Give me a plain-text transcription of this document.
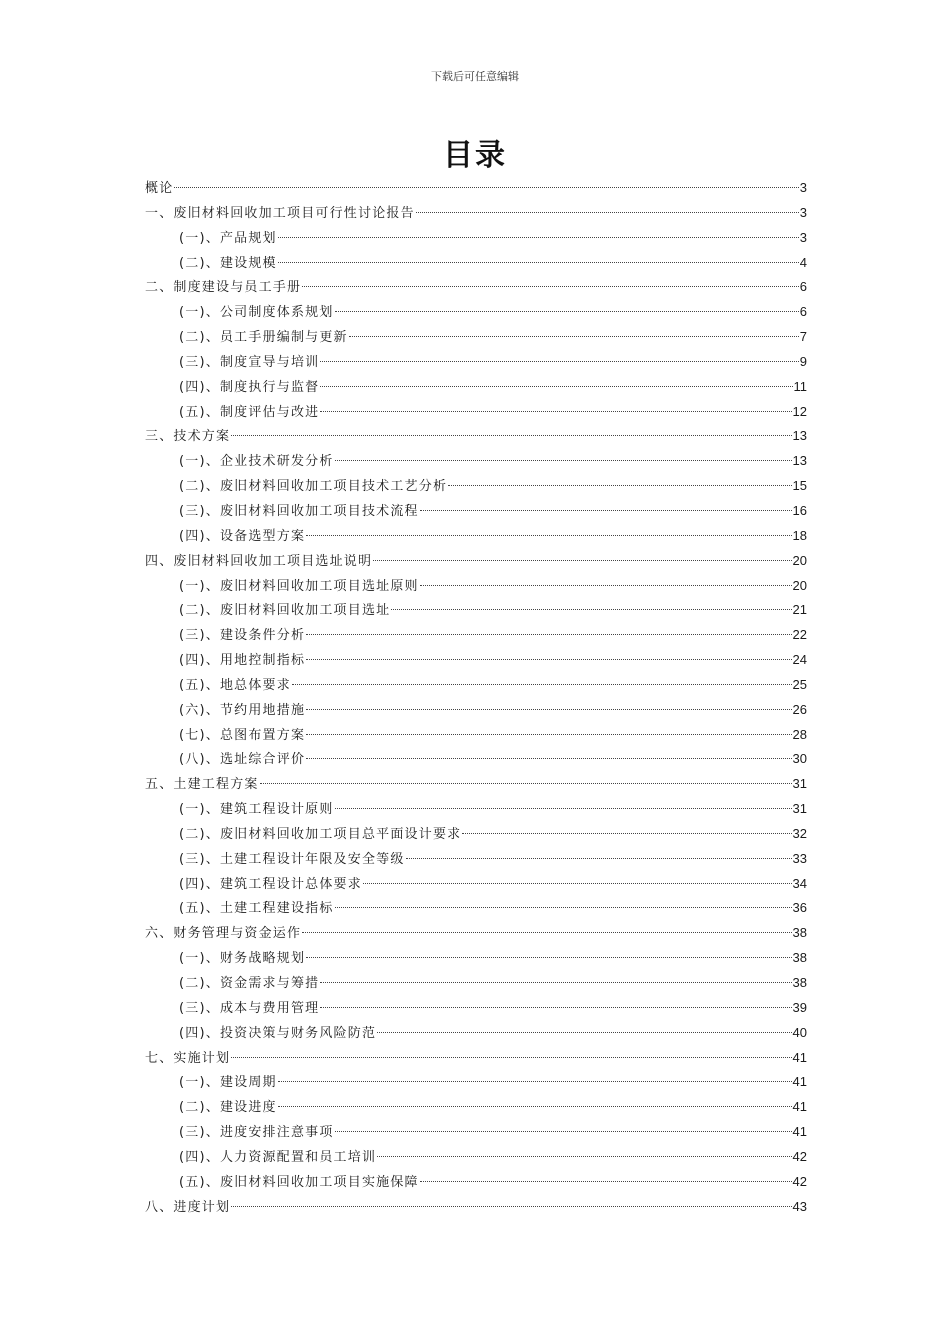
下载后可任意编辑
目录
概论	3
一、废旧材料回收加工项目可行性讨论报告	3
(一)、产品规划	3
(二)、建设规模	4
二、制度建设与员工手册	6
(一)、公司制度体系规划	6
(二)、员工手册编制与更新	7
(三)、制度宣导与培训	9
(四)、制度执行与监督	11
(五)、制度评估与改进	12
三、技术方案	13
(一)、企业技术研发分析	13
(二)、废旧材料回收加工项目技术工艺分析	15
(三)、废旧材料回收加工项目技术流程	16
(四)、设备选型方案	18
四、废旧材料回收加工项目选址说明	20
(一)、废旧材料回收加工项目选址原则	20
(二)、废旧材料回收加工项目选址	21
(三)、建设条件分析	22
(四)、用地控制指标	24
(五)、地总体要求	25
(六)、节约用地措施	26
(七)、总图布置方案	28
(八)、选址综合评价	30
五、土建工程方案	31
(一)、建筑工程设计原则	31
(二)、废旧材料回收加工项目总平面设计要求	32
(三)、土建工程设计年限及安全等级	33
(四)、建筑工程设计总体要求	34
(五)、土建工程建设指标	36
六、财务管理与资金运作	38
(一)、财务战略规划	38
(二)、资金需求与筹措	38
(三)、成本与费用管理	39
(四)、投资决策与财务风险防范	40
七、实施计划	41
(一)、建设周期	41
(二)、建设进度	41
(三)、进度安排注意事项	41
(四)、人力资源配置和员工培训	42
(五)、废旧材料回收加工项目实施保障	42
八、进度计划	43
